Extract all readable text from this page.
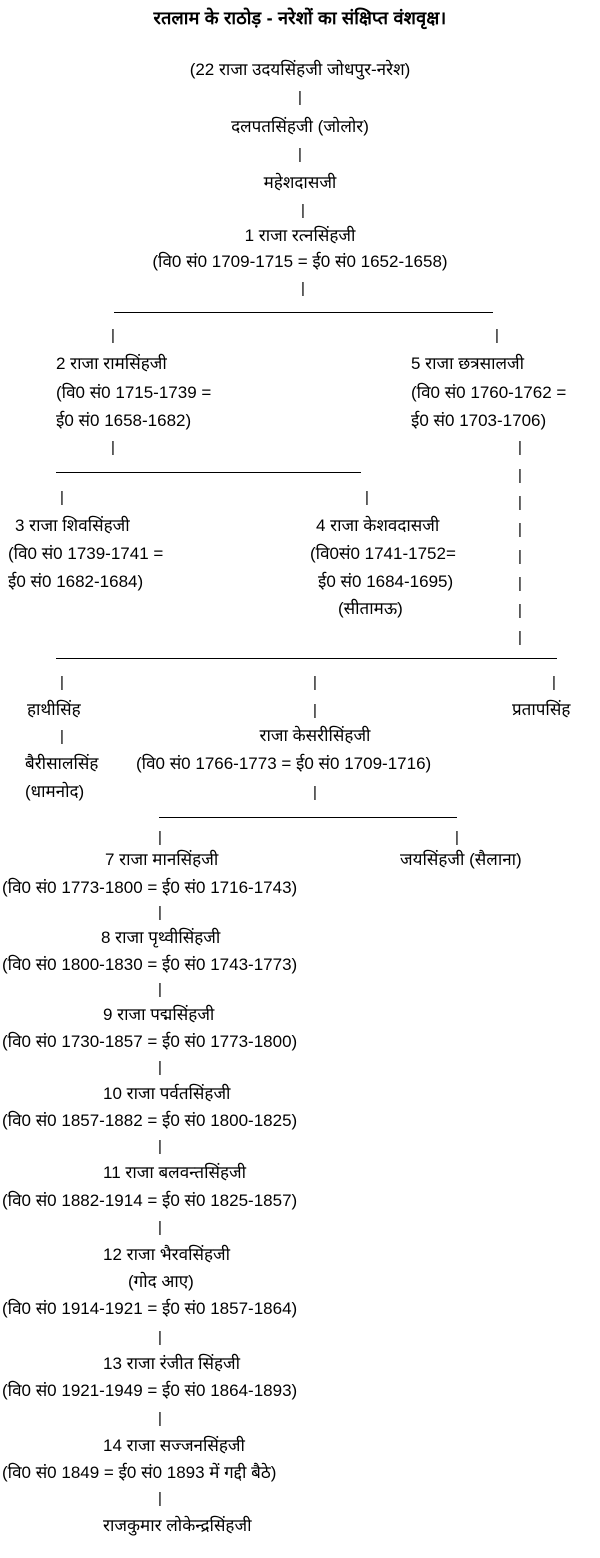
रतलाम के राठोड़ - नरेशों का संक्षिप्त वंशवृक्ष।
(22 राजा उदयसिंहजी जोधपुर-नरेश)
|
दलपतसिंहजी (जोलोर)
|
महेशदासजी
|
1 राजा रत्नसिंहजी
(वि0 सं0 1709-1715 = ई0 सं0 1652-1658)
|
|	|
2 राजा रामसिंहजी
(वि0 सं0 1715-1739 =
ई0 सं0 1658-1682)
|
5 राजा छत्रसालजी
(वि0 सं0 1760-1762 =
ई0 सं0 1703-1706)
|
|
|
|
|
|
|
|
|	|
3 राजा शिवसिंहजी
(वि0 सं0 1739-1741 =
ई0 सं0 1682-1684)
4 राजा केशवदासजी
(वि0सं0 1741-1752=
ई0 सं0 1684-1695)
(सीतामऊ)
|	|	|
हाथीसिंह	|	प्रतापसिंह
|	राजा केसरीसिंहजी
बैरीसालसिंह (वि0 सं0 1766-1773 = ई0 सं0 1709-1716)
(धामनोद)	|
|	|
7 राजा मानसिंहजी	जयसिंहजी (सैलाना)
(वि0 सं0 1773-1800 = ई0 सं0 1716-1743)
|
8 राजा पृथ्वीसिंहजी
(वि0 सं0 1800-1830 = ई0 सं0 1743-1773)
|
9 राजा पद्मसिंहजी
(वि0 सं0 1730-1857 = ई0 सं0 1773-1800)
|
10 राजा पर्वतसिंहजी
(वि0 सं0 1857-1882 = ई0 सं0 1800-1825)
|
11 राजा बलवन्तसिंहजी
(वि0 सं0 1882-1914 = ई0 सं0 1825-1857)
|
12 राजा भैरवसिंहजी
(गोद आए)
(वि0 सं0 1914-1921 = ई0 सं0 1857-1864)
|
13 राजा रंजीत सिंहजी
(वि0 सं0 1921-1949 = ई0 सं0 1864-1893)
|
14 राजा सज्जनसिंहजी
(वि0 सं0 1849 = ई0 सं0 1893 में गद्दी बैठे)
|
राजकुमार लोकेन्द्रसिंहजी
